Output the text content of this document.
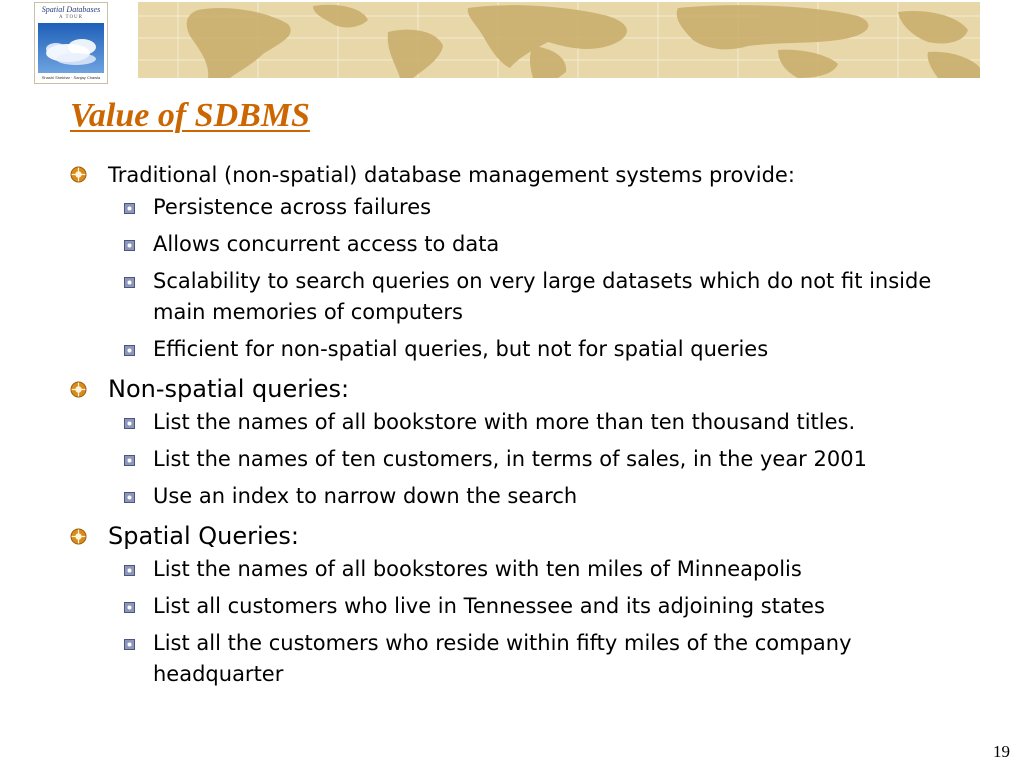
Spatial Databases
A TOUR
Shashi Shekhar · Sanjay Chawla
Value of SDBMS
Traditional (non-spatial) database management systems provide:
Persistence across failures
Allows concurrent access to data
Scalability to search queries on very large datasets which do not fit inside main memories of computers
Efficient for non-spatial queries, but not for spatial queries
Non-spatial queries:
List the names of all bookstore with more than ten thousand titles.
List the names of ten customers, in terms of sales, in the year 2001
Use an index to narrow down the search
Spatial Queries:
List the names of all bookstores with ten miles of Minneapolis
List all customers who live in Tennessee and its adjoining states
List all the customers who reside within fifty miles of the company headquarter
19
